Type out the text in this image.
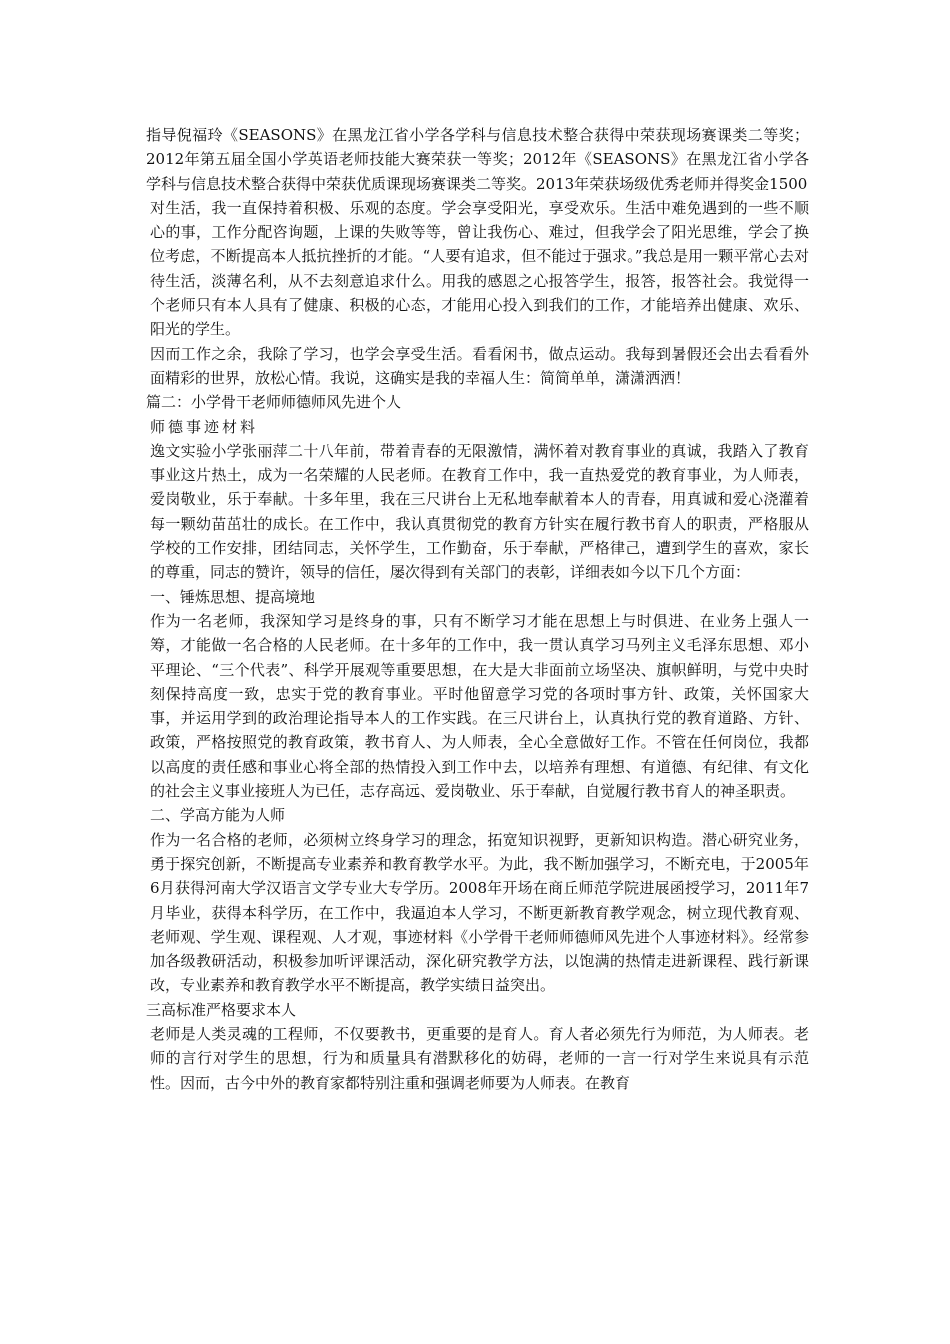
指导倪福玲《SEASONS》在黑龙江省小学各学科与信息技术整合获得中荣获现场赛课类二等奖；2012年第五届全国小学英语老师技能大赛荣获一等奖；2012年《SEASONS》在黑龙江省小学各学科与信息技术整合获得中荣获优质课现场赛课类二等奖。2013年荣获场级优秀老师并得奖金1500

对生活，我一直保持着积极、乐观的态度。学会享受阳光，享受欢乐。生活中难免遇到的一些不顺心的事，工作分配咨询题，上课的失败等等，曾让我伤心、难过，但我学会了阳光思维，学会了换位考虑，不断提高本人抵抗挫折的才能。“人要有追求，但不能过于强求。”我总是用一颗平常心去对待生活，淡薄名利，从不去刻意追求什么。用我的感恩之心报答学生，报答，报答社会。我觉得一个老师只有本人具有了健康、积极的心态，才能用心投入到我们的工作，才能培养出健康、欢乐、阳光的学生。

因而工作之余，我除了学习，也学会享受生活。看看闲书，做点运动。我每到暑假还会出去看看外面精彩的世界，放松心情。我说，这确实是我的幸福人生：简简单单，潇潇洒洒！

篇二：小学骨干老师师德师风先进个人

师德事迹材料

逸文实验小学张丽萍二十八年前，带着青春的无限激情，满怀着对教育事业的真诚，我踏入了教育事业这片热土，成为一名荣耀的人民老师。在教育工作中，我一直热爱党的教育事业，为人师表，爱岗敬业，乐于奉献。十多年里，我在三尺讲台上无私地奉献着本人的青春，用真诚和爱心浇灌着每一颗幼苗茁壮的成长。在工作中，我认真贯彻党的教育方针实在履行教书育人的职责，严格服从学校的工作安排，团结同志，关怀学生，工作勤奋，乐于奉献，严格律己，遭到学生的喜欢，家长的尊重，同志的赞许，领导的信任，屡次得到有关部门的表彰，详细表如今以下几个方面：

一、锤炼思想、提高境地

作为一名老师，我深知学习是终身的事，只有不断学习才能在思想上与时俱进、在业务上强人一筹，才能做一名合格的人民老师。在十多年的工作中，我一贯认真学习马列主义毛泽东思想、邓小平理论、“三个代表”、科学开展观等重要思想，在大是大非面前立场坚决、旗帜鲜明，与党中央时刻保持高度一致，忠实于党的教育事业。平时他留意学习党的各项时事方针、政策，关怀国家大事，并运用学到的政治理论指导本人的工作实践。在三尺讲台上，认真执行党的教育道路、方针、政策，严格按照党的教育政策，教书育人、为人师表，全心全意做好工作。不管在任何岗位，我都以高度的责任感和事业心将全部的热情投入到工作中去，以培养有理想、有道德、有纪律、有文化的社会主义事业接班人为已任，志存高远、爱岗敬业、乐于奉献，自觉履行教书育人的神圣职责。

二、学高方能为人师

作为一名合格的老师，必须树立终身学习的理念，拓宽知识视野，更新知识构造。潜心研究业务，勇于探究创新，不断提高专业素养和教育教学水平。为此，我不断加强学习，不断充电，于2005年6月获得河南大学汉语言文学专业大专学历。2008年开场在商丘师范学院进展函授学习，2011年7月毕业，获得本科学历，在工作中，我逼迫本人学习，不断更新教育教学观念，树立现代教育观、老师观、学生观、课程观、人才观，事迹材料《小学骨干老师师德师风先进个人事迹材料》。经常参加各级教研活动，积极参加听评课活动，深化研究教学方法，以饱满的热情走进新课程、践行新课改，专业素养和教育教学水平不断提高，教学实绩日益突出。

三高标准严格要求本人

老师是人类灵魂的工程师，不仅要教书，更重要的是育人。育人者必须先行为师范，为人师表。老师的言行对学生的思想，行为和质量具有潜默移化的妨碍，老师的一言一行对学生来说具有示范性。因而，古今中外的教育家都特别注重和强调老师要为人师表。在教育
